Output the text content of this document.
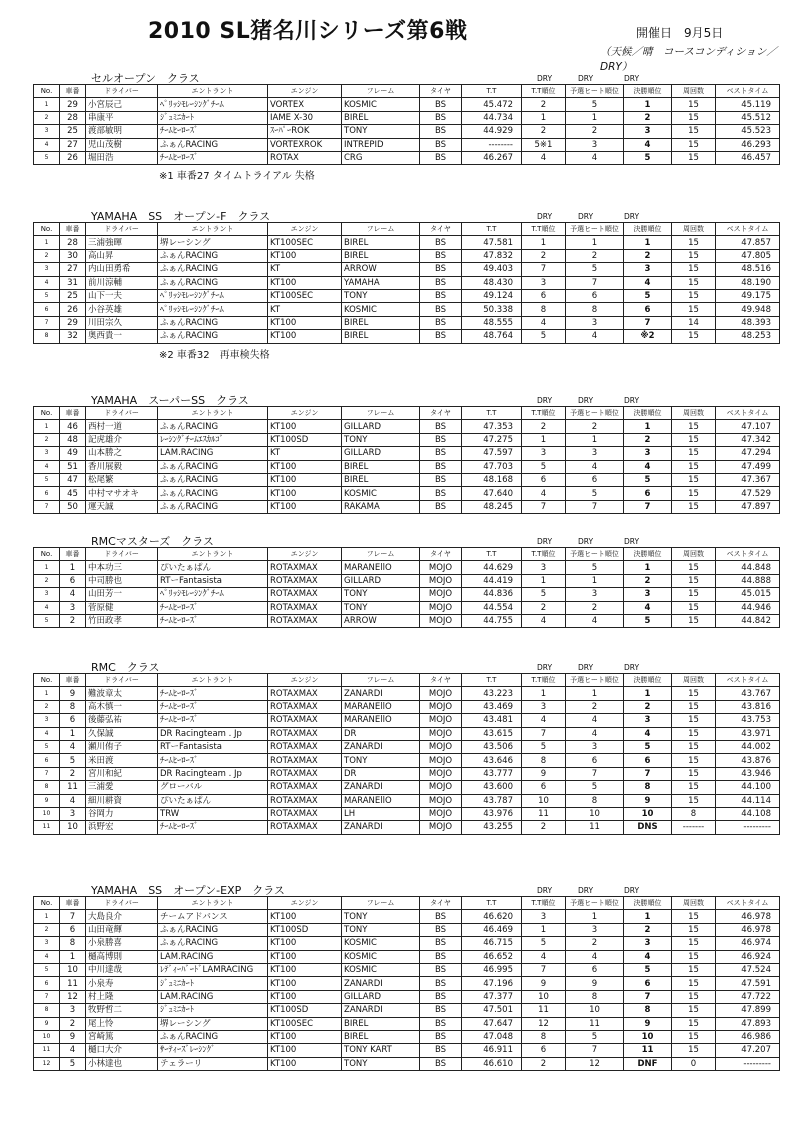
2010 SL猪名川シリーズ第6戦	開催日　9月5日
（天候／晴　コースコンディション／DRY）
セルオープン　クラス	DRY	DRY	DRY
No.	車番	ドライバー	エントラント	エンジン	フレーム	タイヤ	T.T	T.T順位	予選ヒート順位	決勝順位	周回数	ベストタイム
1	29	小宮辰己	ﾍﾟﾘｯｼﾓﾚｰｼﾝｸﾞﾁｰﾑ	VORTEX	KOSMIC	BS	45.472	2	5	1	15	45.119
2	28	串康平	ｼﾞｭﾐﾆｶｰﾄ	IAME X-30	BIREL	BS	44.734	1	1	2	15	45.512
3	25	渡部敏明	ﾁｰﾑﾋｰﾛｰｽﾞ	ｽｰﾊﾟｰROK	TONY	BS	44.929	2	2	3	15	45.523
4	27	児山茂樹	ふぁんRACING	VORTEXROK	INTREPID	BS	--------	5※1	3	4	15	46.293
5	26	堀田浩	ﾁｰﾑﾋｰﾛｰｽﾞ	ROTAX	CRG	BS	46.267	4	4	5	15	46.457
※1 車番27 タイムトライアル 失格
YAMAHA　SS　オープン-F　クラス	DRY	DRY	DRY
No.	車番	ドライバー	エントラント	エンジン	フレーム	タイヤ	T.T	T.T順位	予選ヒート順位	決勝順位	周回数	ベストタイム
1	28	三浦強暉	堺レーシング	KT100SEC	BIREL	BS	47.581	1	1	1	15	47.857
2	30	高山昇	ふぁんRACING	KT100	BIREL	BS	47.832	2	2	2	15	47.805
3	27	内山田勇希	ふぁんRACING	KT	ARROW	BS	49.403	7	5	3	15	48.516
4	31	前川涼輔	ふぁんRACING	KT100	YAMAHA	BS	48.430	3	7	4	15	48.190
5	25	山下一夫	ﾍﾟﾘｯｼﾓﾚｰｼﾝｸﾞﾁｰﾑ	KT100SEC	TONY	BS	49.124	6	6	5	15	49.175
6	26	小谷英雄	ﾍﾟﾘｯｼﾓﾚｰｼﾝｸﾞﾁｰﾑ	KT	KOSMIC	BS	50.338	8	8	6	15	49.948
7	29	川田宗久	ふぁんRACING	KT100	BIREL	BS	48.555	4	3	7	14	48.393
8	32	奥西貴一	ふぁんRACING	KT100	BIREL	BS	48.764	5	4	※2	15	48.253
※2 車番32　再車検失格
YAMAHA　スーパーSS　クラス	DRY	DRY	DRY
No.	車番	ドライバー	エントラント	エンジン	フレーム	タイヤ	T.T	T.T順位	予選ヒート順位	決勝順位	周回数	ベストタイム
1	46	西村一道	ふぁんRACING	KT100	GILLARD	BS	47.353	2	2	1	15	47.107
2	48	記虎雄介	ﾚｰｼﾝｸﾞﾁｰﾑｴｽｶﾙｺﾞ	KT100SD	TONY	BS	47.275	1	1	2	15	47.342
3	49	山本勝之	LAM.RACING	KT	GILLARD	BS	47.597	3	3	3	15	47.294
4	51	香川展毅	ふぁんRACING	KT100	BIREL	BS	47.703	5	4	4	15	47.499
5	47	松尾繁	ふぁんRACING	KT100	BIREL	BS	48.168	6	6	5	15	47.367
6	45	中村マサオキ	ふぁんRACING	KT100	KOSMIC	BS	47.640	4	5	6	15	47.529
7	50	運天誠	ふぁんRACING	KT100	RAKAMA	BS	48.245	7	7	7	15	47.897
RMCマスターズ　クラス	DRY	DRY	DRY
No.	車番	ドライバー	エントラント	エンジン	フレーム	タイヤ	T.T	T.T順位	予選ヒート順位	決勝順位	周回数	ベストタイム
1	1	中本功三	ぴいたぁぱん	ROTAXMAX	MARANEllO	MOJO	44.629	3	5	1	15	44.848
2	6	中司勝也	RTーFantasista	ROTAXMAX	GILLARD	MOJO	44.419	1	1	2	15	44.888
3	4	山田芳一	ﾍﾟﾘｯｼﾓﾚｰｼﾝｸﾞﾁｰﾑ	ROTAXMAX	TONY	MOJO	44.836	5	3	3	15	45.015
4	3	菅原健	ﾁｰﾑﾋｰﾛｰｽﾞ	ROTAXMAX	TONY	MOJO	44.554	2	2	4	15	44.946
5	2	竹田政孝	ﾁｰﾑﾋｰﾛｰｽﾞ	ROTAXMAX	ARROW	MOJO	44.755	4	4	5	15	44.842
RMC　クラス	DRY	DRY	DRY
No.	車番	ドライバー	エントラント	エンジン	フレーム	タイヤ	T.T	T.T順位	予選ヒート順位	決勝順位	周回数	ベストタイム
1	9	難波章太	ﾁｰﾑﾋｰﾛｰｽﾞ	ROTAXMAX	ZANARDI	MOJO	43.223	1	1	1	15	43.767
2	8	高木慎一	ﾁｰﾑﾋｰﾛｰｽﾞ	ROTAXMAX	MARANEllO	MOJO	43.469	3	2	2	15	43.816
3	6	後藤弘祐	ﾁｰﾑﾋｰﾛｰｽﾞ	ROTAXMAX	MARANEllO	MOJO	43.481	4	4	3	15	43.753
4	1	久保誠	DR Racingteam . Jp	ROTAXMAX	DR	MOJO	43.615	7	4	4	15	43.971
5	4	瀬川侑子	RTーFantasista	ROTAXMAX	ZANARDI	MOJO	43.506	5	3	5	15	44.002
6	5	米田渡	ﾁｰﾑﾋｰﾛｰｽﾞ	ROTAXMAX	TONY	MOJO	43.646	8	6	6	15	43.876
7	2	宮川和紀	DR Racingteam . Jp	ROTAXMAX	DR	MOJO	43.777	9	7	7	15	43.946
8	11	三浦愛	グローバル	ROTAXMAX	ZANARDI	MOJO	43.600	6	5	8	15	44.100
9	4	細川耕資	ぴいたぁぱん	ROTAXMAX	MARANEllO	MOJO	43.787	10	8	9	15	44.114
10	3	谷岡力	TRW	ROTAXMAX	LH	MOJO	43.976	11	10	10	8	44.108
11	10	浜野宏	ﾁｰﾑﾋｰﾛｰｽﾞ	ROTAXMAX	ZANARDI	MOJO	43.255	2	11	DNS	-------	---------
YAMAHA　SS　オープン-EXP　クラス	DRY	DRY	DRY
No.	車番	ドライバー	エントラント	エンジン	フレーム	タイヤ	T.T	T.T順位	予選ヒート順位	決勝順位	周回数	ベストタイム
1	7	大島良介	チームアドバンス	KT100	TONY	BS	46.620	3	1	1	15	46.978
2	6	山田竜輝	ふぁんRACING	KT100SD	TONY	BS	46.469	1	3	2	15	46.978
3	8	小泉勝喜	ふぁんRACING	KT100	KOSMIC	BS	46.715	5	2	3	15	46.974
4	1	樋高博則	LAM.RACING	KT100	KOSMIC	BS	46.652	4	4	4	15	46.924
5	10	中川達哉	ﾚﾃﾞｨｰﾊﾞｰﾄﾞLAMRACING	KT100	KOSMIC	BS	46.995	7	6	5	15	47.524
6	11	小泉寿	ｼﾞｭﾐﾆｶｰﾄ	KT100	ZANARDI	BS	47.196	9	9	6	15	47.591
7	12	村上隆	LAM.RACING	KT100	GILLARD	BS	47.377	10	8	7	15	47.722
8	3	牧野哲二	ｼﾞｭﾐﾆｶｰﾄ	KT100SD	ZANARDI	BS	47.501	11	10	8	15	47.899
9	2	尾上怜	堺レーシング	KT100SEC	BIREL	BS	47.647	12	11	9	15	47.893
10	9	宮崎篤	ふぁんRACING	KT100	BIREL	BS	47.048	8	5	10	15	46.986
11	4	樋口大介	ｻｰﾃｨｰｽﾞﾚｰｼﾝｸﾞ	KT100	TONY KART	BS	46.911	6	7	11	15	47.207
12	5	小林達也	テェラーリ	KT100	TONY	BS	46.610	2	12	DNF	0	---------
